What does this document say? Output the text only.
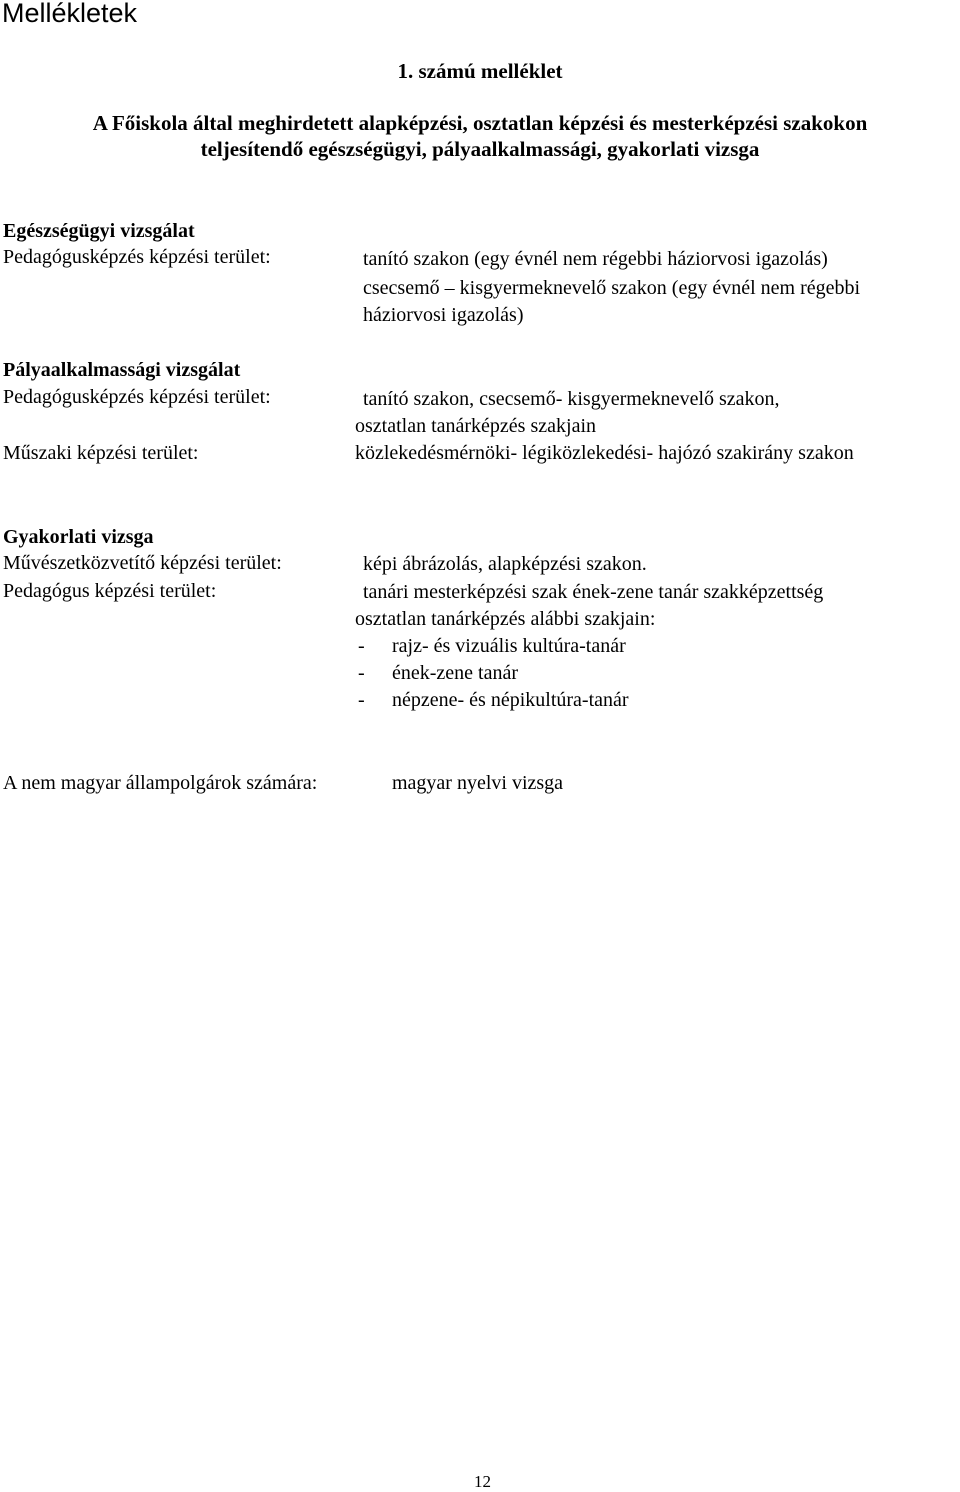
Mellékletek
1. számú melléklet
A Főiskola által meghirdetett alapképzési, osztatlan képzési és mesterképzési szakokon
teljesítendő egészségügyi, pályaalkalmassági, gyakorlati vizsga
Egészségügyi vizsgálat
Pedagógusképzés képzési terület:	tanító szakon (egy évnél nem régebbi háziorvosi igazolás)
csecsemő – kisgyermeknevelő szakon (egy évnél nem régebbi
háziorvosi igazolás)
Pályaalkalmassági vizsgálat
Pedagógusképzés képzési terület:	tanító szakon, csecsemő- kisgyermeknevelő szakon,
osztatlan tanárképzés szakjain
Műszaki képzési terület:	közlekedésmérnöki- légiközlekedési- hajózó szakirány szakon
Gyakorlati vizsga
Művészetközvetítő képzési terület:	képi ábrázolás, alapképzési szakon.
Pedagógus képzési terület:	tanári mesterképzési szak ének-zene tanár szakképzettség
osztatlan tanárképzés alábbi szakjain:
- rajz- és vizuális kultúra-tanár
- ének-zene tanár
- népzene- és népikultúra-tanár
A nem magyar állampolgárok számára:	magyar nyelvi vizsga
12
